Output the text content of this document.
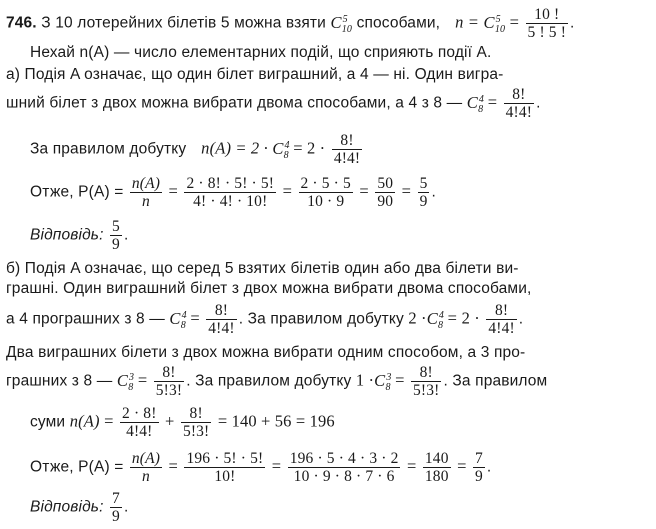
746. З 10 лотерейних білетів 5 можна взяти $C^5_{10}$ способами, $n = C^5_{10} = \frac{10 !}{5 ! 5 !}$ .
Нехай n(A) — число елементарних подій, що сприяють події A.
а) Подія A означає, що один білет виграшний, а 4 — ні. Один вигра-
шний білет з двох можна вибрати двома способами, а 4 з 8 — $C^4_8 = \frac{8!}{4!4!}$ .
За правилом добутку $n(A) = 2 \cdot C^4_8 = 2 \cdot \frac{8!}{4!4!}$
Отже, $P(A) = \frac{n(A)}{n} = \frac{2 \cdot 8! \cdot 5! \cdot 5!}{4! \cdot 4! \cdot 10!} = \frac{2 \cdot 5 \cdot 5}{10 \cdot 9} = \frac{50}{90} = \frac{5}{9}$ .
Відповідь: $\frac{5}{9}$ .
б) Подія A означає, що серед 5 взятих білетів один або два білети ви-
грашні. Один виграшний білет з двох можна вибрати двома способами,
а 4 програшних з 8 — $C^4_8 = \frac{8!}{4!4!}$ . За правилом добутку $2 \cdot C^4_8 = 2 \cdot \frac{8!}{4!4!}$ .
Два виграшних білети з двох можна вибрати одним способом, а 3 про-
грашних з 8 — $C^3_8 = \frac{8!}{5!3!}$ . За правилом добутку $1 \cdot C^3_8 = \frac{8!}{5!3!}$ . За правилом
суми $n(A) = \frac{2 \cdot 8!}{4!4!} + \frac{8!}{5!3!} = 140 + 56 = 196$
Отже, $P(A) = \frac{n(A)}{n} = \frac{196 \cdot 5! \cdot 5!}{10!} = \frac{196 \cdot 5 \cdot 4 \cdot 3 \cdot 2}{10 \cdot 9 \cdot 8 \cdot 7 \cdot 6} = \frac{140}{180} = \frac{7}{9}$ .
Відповідь: $\frac{7}{9}$ .
